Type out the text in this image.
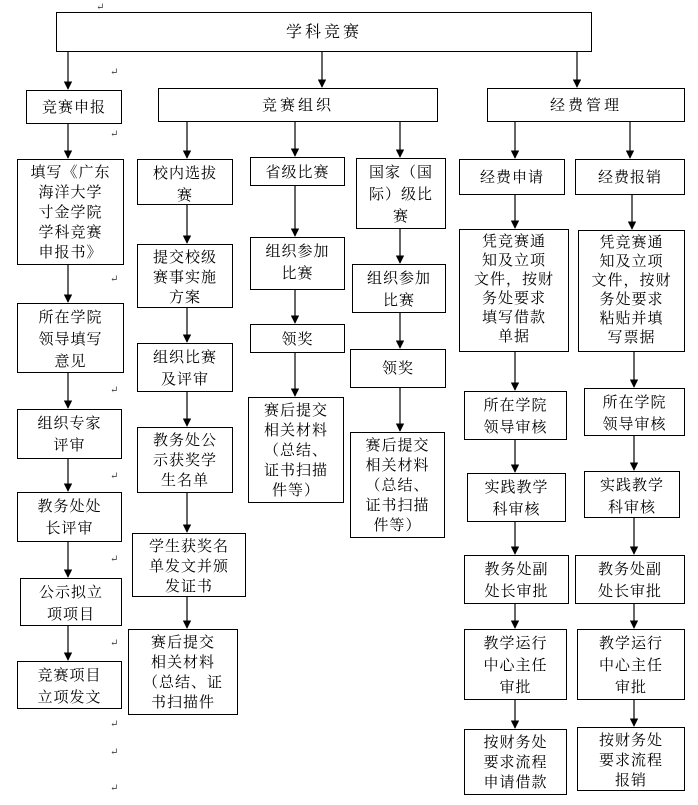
学科竞赛
竞赛申报	竞赛组织	经费管理
填写《广东
海洋大学
寸金学院
学科竞赛
申报书》
所在学院
领导填写
意见
组织专家
评审
教务处处
长评审
公示拟立
项项目
竞赛项目
立项发文
校内选拔
赛
提交校级
赛事实施
方案
组织比赛
及评审
教务处公
示获奖学
生名单
学生获奖名
单发文并颁
发证书
赛后提交
相关材料
（总结、证
书扫描件
省级比赛
组织参加
比赛
领奖
赛后提交
相关材料
（总结、
证书扫描
件等）
国家（国
际）级比
赛
组织参加
比赛
领奖
赛后提交
相关材料
（总结、
证书扫描
件等）
经费申请
凭竞赛通
知及立项
文件，按财
务处要求
填写借款
单据
所在学院
领导审核
实践教学
科审核
教务处副
处长审批
教学运行
中心主任
审批
按财务处
要求流程
申请借款
经费报销
凭竞赛通
知及立项
文件，按财
务处要求
粘贴并填
写票据
所在学院
领导审核
实践教学
科审核
教务处副
处长审批
教学运行
中心主任
审批
按财务处
要求流程
报销
↵
↵
↵
↵
↵
↵
↵
↵
↵
↵
↵
